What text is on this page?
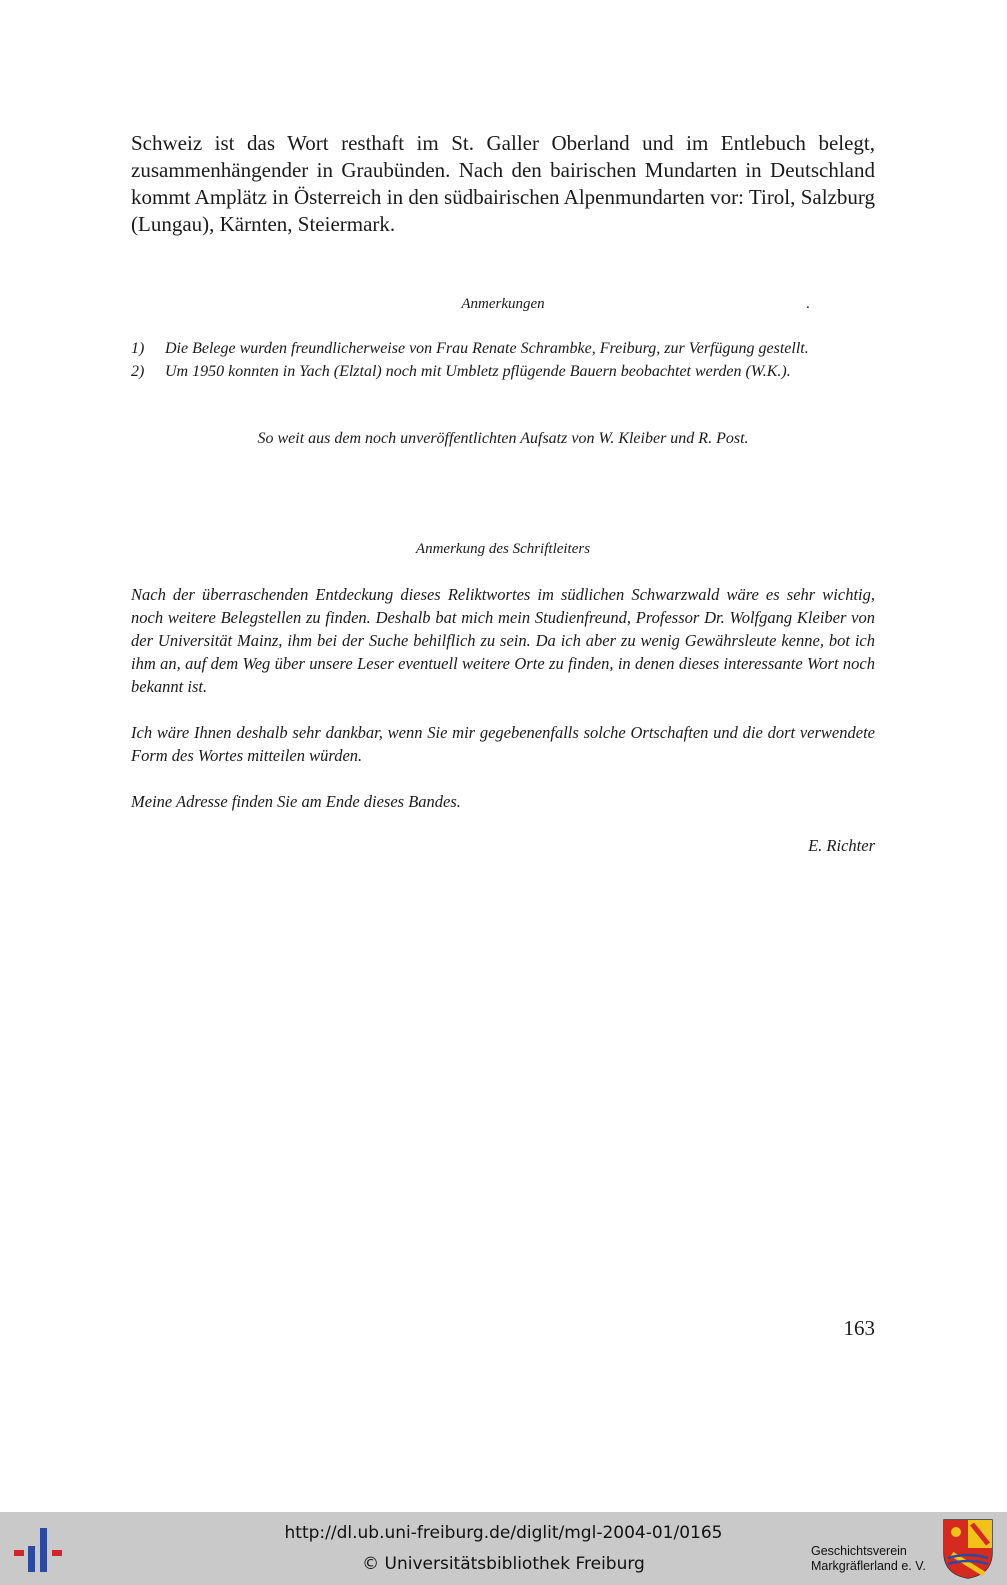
Schweiz ist das Wort resthaft im St. Galler Oberland und im Entlebuch belegt, zusammenhängender in Graubünden. Nach den bairischen Mundarten in Deutschland kommt Amplätz in Österreich in den südbairischen Alpenmundarten vor: Tirol, Salzburg (Lungau), Kärnten, Steiermark.

Anmerkungen	.
1)	Die Belege wurden freundlicherweise von Frau Renate Schrambke, Freiburg, zur Verfügung gestellt.
2)	Um 1950 konnten in Yach (Elztal) noch mit Umbletz pflügende Bauern beobachtet werden (W.K.).

So weit aus dem noch unveröffentlichten Aufsatz von W. Kleiber und R. Post.

Anmerkung des Schriftleiters

Nach der überraschenden Entdeckung dieses Reliktwortes im südlichen Schwarzwald wäre es sehr wichtig, noch weitere Belegstellen zu finden. Deshalb bat mich mein Studienfreund, Professor Dr. Wolfgang Kleiber von der Universität Mainz, ihm bei der Suche behilflich zu sein. Da ich aber zu wenig Gewährsleute kenne, bot ich ihm an, auf dem Weg über unsere Leser eventuell weitere Orte zu finden, in denen dieses interessante Wort noch bekannt ist.

Ich wäre Ihnen deshalb sehr dankbar, wenn Sie mir gegebenenfalls solche Ortschaften und die dort verwendete Form des Wortes mitteilen würden.

Meine Adresse finden Sie am Ende dieses Bandes.

E. Richter

163

http://dl.ub.uni-freiburg.de/diglit/mgl-2004-01/0165
© Universitätsbibliothek Freiburg
Geschichtsverein
Markgräflerland e. V.
